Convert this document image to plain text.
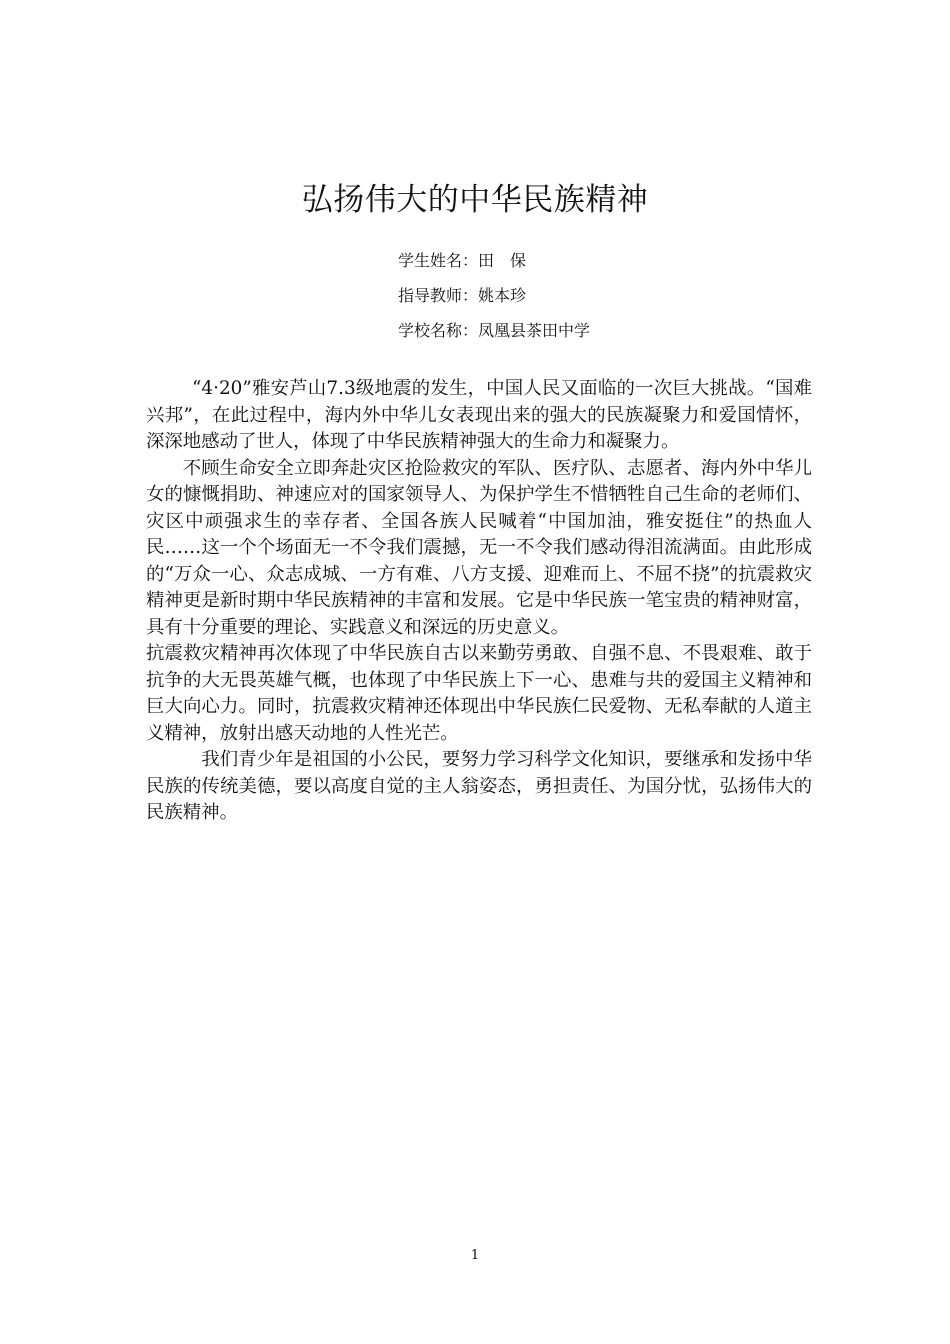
弘扬伟大的中华民族精神
学生姓名：田　保
指导教师：姚本珍
学校名称：凤凰县茶田中学

“4·20”雅安芦山7.3级地震的发生，中国人民又面临的一次巨大挑战。“国难兴邦”，在此过程中，海内外中华儿女表现出来的强大的民族凝聚力和爱国情怀，深深地感动了世人，体现了中华民族精神强大的生命力和凝聚力。

不顾生命安全立即奔赴灾区抢险救灾的军队、医疗队、志愿者、海内外中华儿女的慷慨捐助、神速应对的国家领导人、为保护学生不惜牺牲自己生命的老师们、灾区中顽强求生的幸存者、全国各族人民喊着“中国加油，雅安挺住”的热血人民……这一个个场面无一不令我们震撼，无一不令我们感动得泪流满面。由此形成的“万众一心、众志成城、一方有难、八方支援、迎难而上、不屈不挠”的抗震救灾精神更是新时期中华民族精神的丰富和发展。它是中华民族一笔宝贵的精神财富，具有十分重要的理论、实践意义和深远的历史意义。

抗震救灾精神再次体现了中华民族自古以来勤劳勇敢、自强不息、不畏艰难、敢于抗争的大无畏英雄气概，也体现了中华民族上下一心、患难与共的爱国主义精神和巨大向心力。同时，抗震救灾精神还体现出中华民族仁民爱物、无私奉献的人道主义精神，放射出感天动地的人性光芒。

我们青少年是祖国的小公民，要努力学习科学文化知识，要继承和发扬中华民族的传统美德，要以高度自觉的主人翁姿态，勇担责任、为国分忧，弘扬伟大的民族精神。

1
